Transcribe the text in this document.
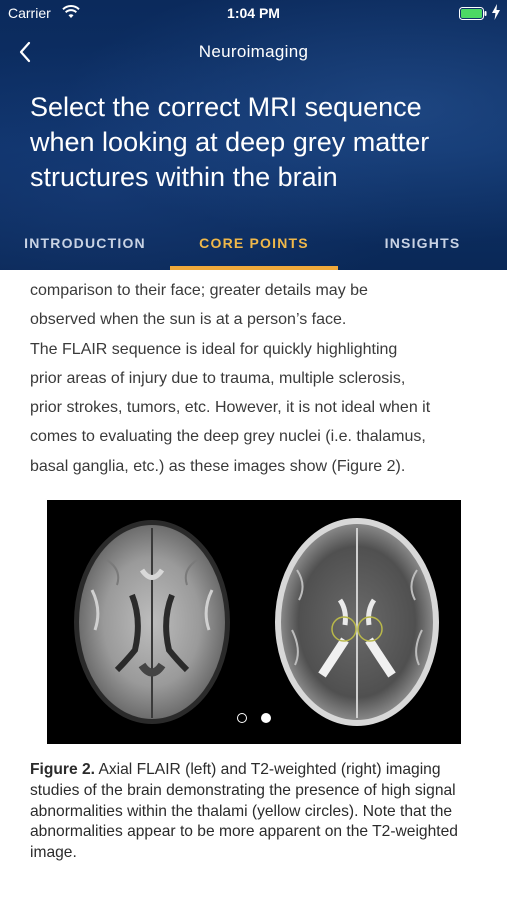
Carrier	1:04 PM
Neuroimaging
Select the correct MRI sequence when looking at deep grey matter structures within the brain
INTRODUCTION	CORE POINTS	INSIGHTS

comparison to their face; greater details may be
observed when the sun is at a person’s face.

The FLAIR sequence is ideal for quickly highlighting
prior areas of injury due to trauma, multiple sclerosis,
prior strokes, tumors, etc. However, it is not ideal when it
comes to evaluating the deep grey nuclei (i.e. thalamus,
basal ganglia, etc.) as these images show (Figure 2).

Figure 2. Axial FLAIR (left) and T2-weighted (right) imaging studies of the brain demonstrating the presence of high signal abnormalities within the thalami (yellow circles). Note that the abnormalities appear to be more apparent on the T2-weighted image.
